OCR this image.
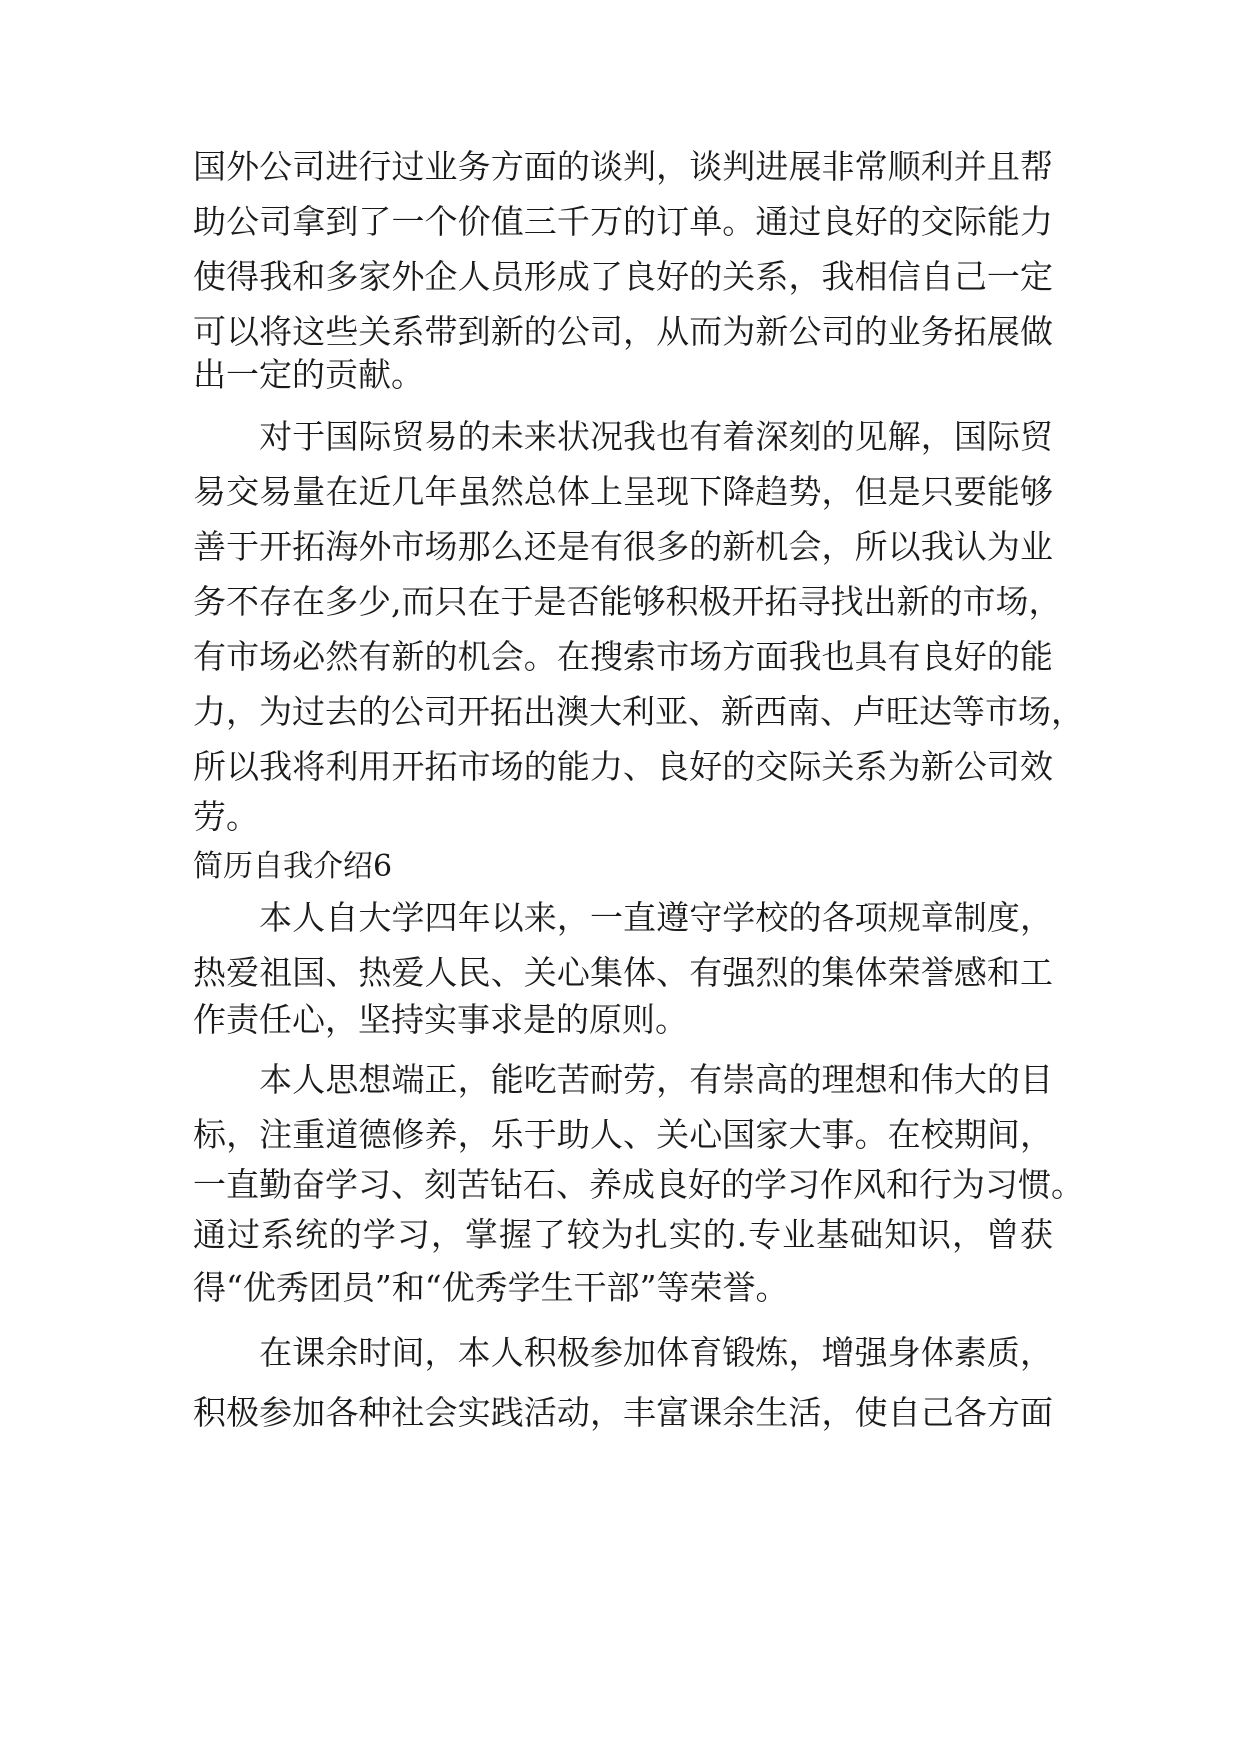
国外公司进行过业务方面的谈判，谈判进展非常顺利并且帮
助公司拿到了一个价值三千万的订单。通过良好的交际能力
使得我和多家外企人员形成了良好的关系，我相信自己一定
可以将这些关系带到新的公司，从而为新公司的业务拓展做
出一定的贡献。
　　对于国际贸易的未来状况我也有着深刻的见解，国际贸
易交易量在近几年虽然总体上呈现下降趋势，但是只要能够
善于开拓海外市场那么还是有很多的新机会，所以我认为业
务不存在多少,而只在于是否能够积极开拓寻找出新的市场，
有市场必然有新的机会。在搜索市场方面我也具有良好的能
力，为过去的公司开拓出澳大利亚、新西南、卢旺达等市场，
所以我将利用开拓市场的能力、良好的交际关系为新公司效
劳。
简历自我介绍6
　　本人自大学四年以来，一直遵守学校的各项规章制度，
热爱祖国、热爱人民、关心集体、有强烈的集体荣誉感和工
作责任心，坚持实事求是的原则。
　　本人思想端正，能吃苦耐劳，有崇高的理想和伟大的目
标，注重道德修养，乐于助人、关心国家大事。在校期间，
一直勤奋学习、刻苦钻石、养成良好的学习作风和行为习惯。
通过系统的学习，掌握了较为扎实的.专业基础知识，曾获
得“优秀团员”和“优秀学生干部”等荣誉。
　　在课余时间，本人积极参加体育锻炼，增强身体素质，
积极参加各种社会实践活动，丰富课余生活，使自己各方面
